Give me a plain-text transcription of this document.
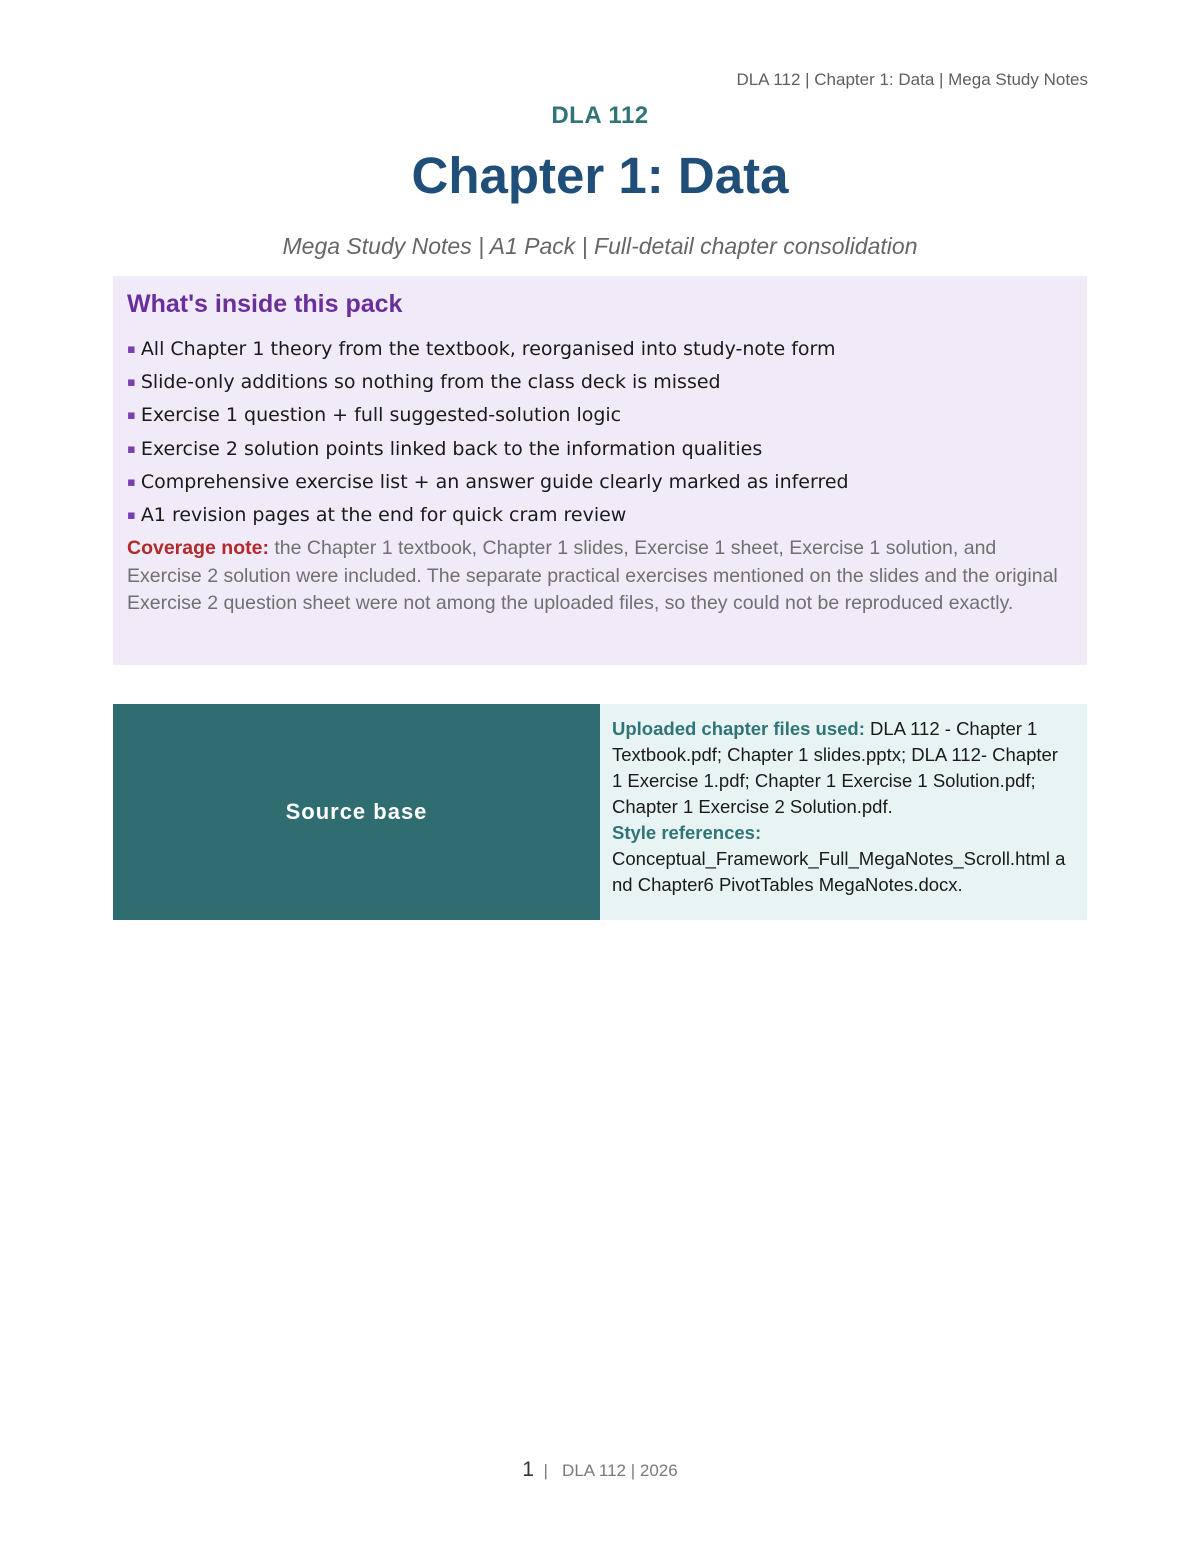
DLA 112 | Chapter 1: Data | Mega Study Notes
DLA 112
Chapter 1: Data
Mega Study Notes | A1 Pack | Full-detail chapter consolidation
What's inside this pack
▪ All Chapter 1 theory from the textbook, reorganised into study-note form
▪ Slide-only additions so nothing from the class deck is missed
▪ Exercise 1 question + full suggested-solution logic
▪ Exercise 2 solution points linked back to the information qualities
▪ Comprehensive exercise list + an answer guide clearly marked as inferred
▪ A1 revision pages at the end for quick cram review
Coverage note: the Chapter 1 textbook, Chapter 1 slides, Exercise 1 sheet, Exercise 1 solution, and Exercise 2 solution were included. The separate practical exercises mentioned on the slides and the original Exercise 2 question sheet were not among the uploaded files, so they could not be reproduced exactly.
Source base
Uploaded chapter files used: DLA 112 - Chapter 1 Textbook.pdf; Chapter 1 slides.pptx; DLA 112- Chapter 1 Exercise 1.pdf; Chapter 1 Exercise 1 Solution.pdf; Chapter 1 Exercise 2 Solution.pdf.
Style references:
Conceptual_Framework_Full_MegaNotes_Scroll.html and Chapter6 PivotTables MegaNotes.docx.
1  |   DLA 112 | 2026
